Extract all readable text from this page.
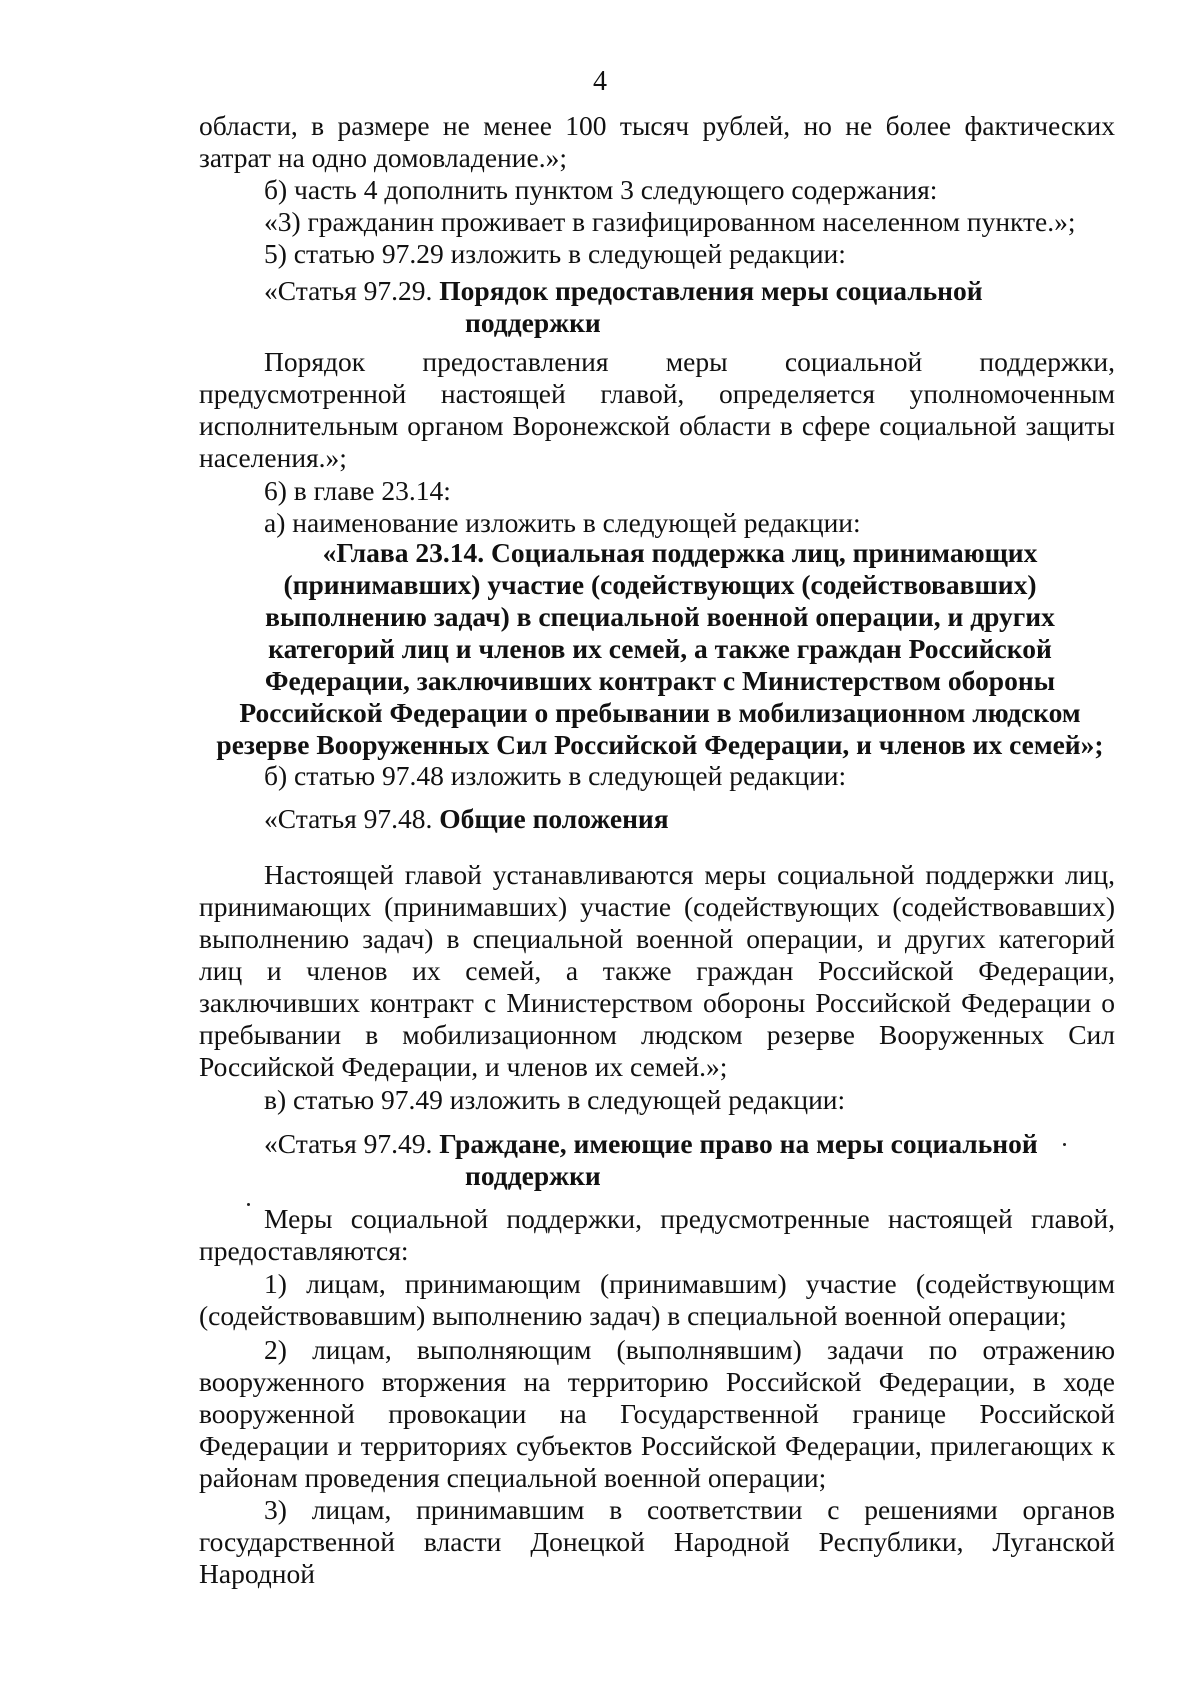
4

области, в размере не менее 100 тысяч рублей, но не более фактических затрат на одно домовладение.»;

б) часть 4 дополнить пунктом 3 следующего содержания:

«3) гражданин проживает в газифицированном населенном пункте.»;

5) статью 97.29 изложить в следующей редакции:

«Статья 97.29. Порядок предоставления меры социальной
поддержки

Порядок предоставления меры социальной поддержки, предусмотренной настоящей главой, определяется уполномоченным исполнительным органом Воронежской области в сфере социальной защиты населения.»;

6) в главе 23.14:

а) наименование изложить в следующей редакции:

«Глава 23.14. Социальная поддержка лиц, принимающих
(принимавших) участие (содействующих (содействовавших)
выполнению задач) в специальной военной операции, и других
категорий лиц и членов их семей, а также граждан Российской
Федерации, заключивших контракт с Министерством обороны
Российской Федерации о пребывании в мобилизационном людском
резерве Вооруженных Сил Российской Федерации, и членов их семей»;

б) статью 97.48 изложить в следующей редакции:

«Статья 97.48. Общие положения

Настоящей главой устанавливаются меры социальной поддержки лиц, принимающих (принимавших) участие (содействующих (содействовавших) выполнению задач) в специальной военной операции, и других категорий лиц и членов их семей, а также граждан Российской Федерации, заключивших контракт с Министерством обороны Российской Федерации о пребывании в мобилизационном людском резерве Вооруженных Сил Российской Федерации, и членов их семей.»;

в) статью 97.49 изложить в следующей редакции:

«Статья 97.49. Граждане, имеющие право на меры социальной
поддержки

Меры социальной поддержки, предусмотренные настоящей главой, предоставляются:

1) лицам, принимающим (принимавшим) участие (содействующим (содействовавшим) выполнению задач) в специальной военной операции;

2) лицам, выполняющим (выполнявшим) задачи по отражению вооруженного вторжения на территорию Российской Федерации, в ходе вооруженной провокации на Государственной границе Российской Федерации и территориях субъектов Российской Федерации, прилегающих к районам проведения специальной военной операции;

3) лицам, принимавшим в соответствии с решениями органов государственной власти Донецкой Народной Республики, Луганской Народной
